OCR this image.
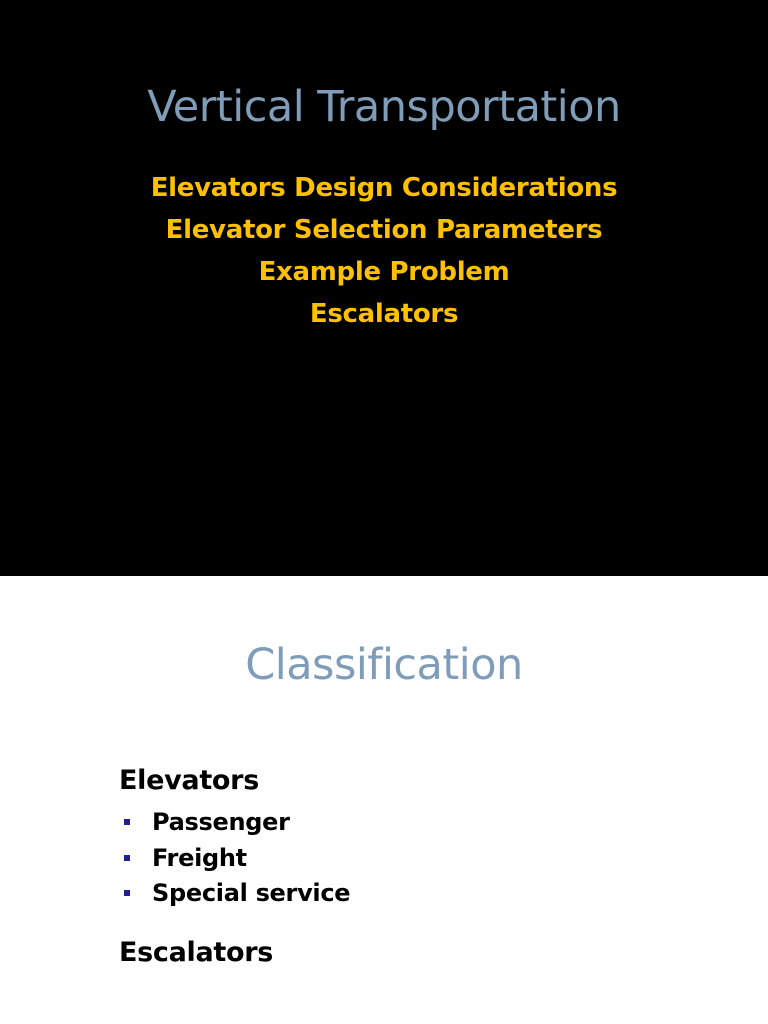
Vertical Transportation
Elevators Design Considerations
Elevator Selection Parameters
Example Problem
Escalators
Classification
Elevators
Passenger
Freight
Special service
Escalators
